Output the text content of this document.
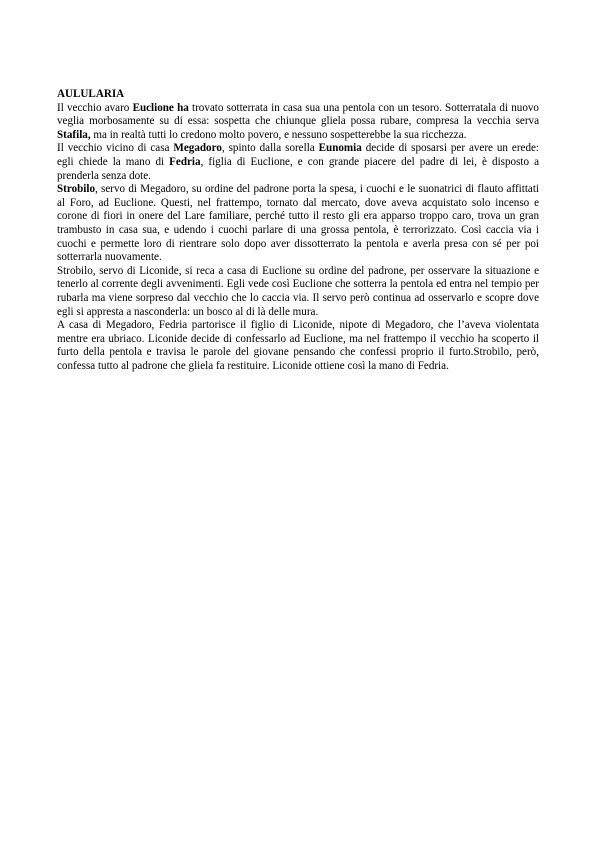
AULULARIA

Il vecchio avaro Euclione ha trovato sotterrata in casa sua una pentola con un tesoro. Sotterratala di nuovo veglia morbosamente su di essa: sospetta che chiunque gliela possa rubare, compresa la vecchia serva Stafila, ma in realtà tutti lo credono molto povero, e nessuno sospetterebbe la sua ricchezza.

Il vecchio vicino di casa Megadoro, spinto dalla sorella Eunomia decide di sposarsi per avere un erede: egli chiede la mano di Fedria, figlia di Euclione, e con grande piacere del padre di lei, è disposto a prenderla senza dote.

Strobilo, servo di Megadoro, su ordine del padrone porta la spesa, i cuochi e le suonatrici di flauto affittati al Foro, ad Euclione. Questi, nel frattempo, tornato dal mercato, dove aveva acquistato solo incenso e corone di fiori in onere del Lare familiare, perché tutto il resto gli era apparso troppo caro, trova un gran trambusto in casa sua, e udendo i cuochi parlare di una grossa pentola, è terrorizzato. Così caccia via i cuochi e permette loro di rientrare solo dopo aver dissotterrato la pentola e averla presa con sé per poi sotterrarla nuovamente.

Strobilo, servo di Liconide, si reca a casa di Euclione su ordine del padrone, per osservare la situazione e tenerlo al corrente degli avvenimenti. Egli vede così Euclione che sotterra la pentola ed entra nel tempio per rubarla ma viene sorpreso dal vecchio che lo caccia via. Il servo però continua ad osservarlo e scopre dove egli si appresta a nasconderla: un bosco al di là delle mura.

A casa di Megadoro, Fedria partorisce il figlio di Liconide, nipote di Megadoro, che l’aveva violentata mentre era ubriaco. Liconide decide di confessarlo ad Euclione, ma nel frattempo il vecchio ha scoperto il furto della pentola e travisa le parole del giovane pensando che confessi proprio il furto.Strobilo, però, confessa tutto al padrone che gliela fa restituire. Liconide ottiene così la mano di Fedria.
